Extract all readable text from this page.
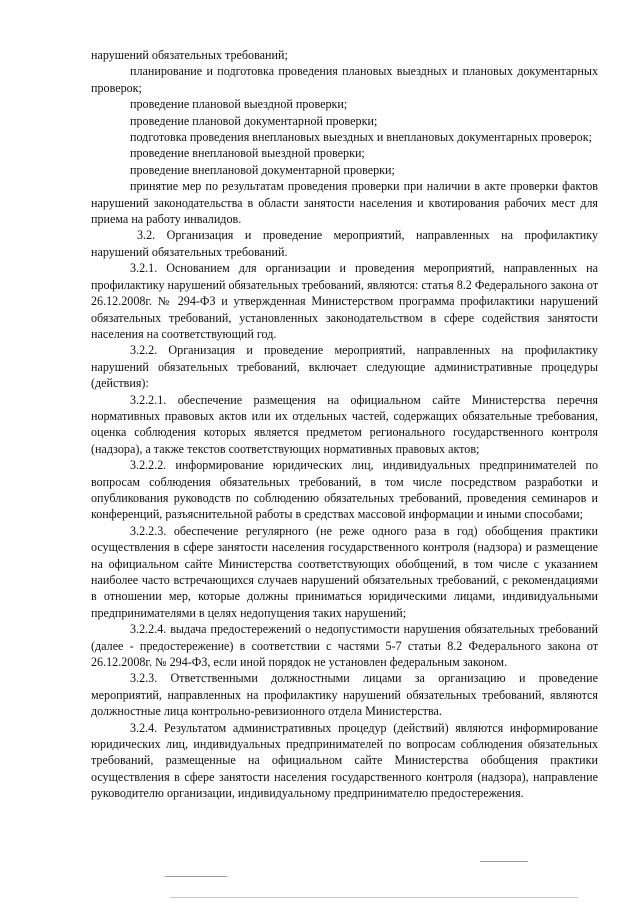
нарушений обязательных требований;

планирование и подготовка проведения плановых выездных и плановых документарных проверок;

проведение плановой выездной проверки;

проведение плановой документарной проверки;

подготовка проведения внеплановых выездных и внеплановых документарных проверок;

проведение внеплановой выездной проверки;

проведение внеплановой документарной проверки;

принятие мер по результатам проведения проверки при наличии в акте проверки фактов нарушений законодательства в области занятости населения и квотирования рабочих мест для приема на работу инвалидов.

3.2. Организация и проведение мероприятий, направленных на профилактику нарушений обязательных требований.

3.2.1. Основанием для организации и проведения мероприятий, направленных на профилактику нарушений обязательных требований, являются: статья 8.2 Федерального закона от 26.12.2008г. № 294-ФЗ и утвержденная Министерством программа профилактики нарушений обязательных требований, установленных законодательством в сфере содействия занятости населения на соответствующий год.

3.2.2. Организация и проведение мероприятий, направленных на профилактику нарушений обязательных требований, включает следующие административные процедуры (действия):

3.2.2.1. обеспечение размещения на официальном сайте Министерства перечня нормативных правовых актов или их отдельных частей, содержащих обязательные требования, оценка соблюдения которых является предметом регионального государственного контроля (надзора), а также текстов соответствующих нормативных правовых актов;

3.2.2.2. информирование юридических лиц, индивидуальных предпринимателей по вопросам соблюдения обязательных требований, в том числе посредством разработки и опубликования руководств по соблюдению обязательных требований, проведения семинаров и конференций, разъяснительной работы в средствах массовой информации и иными способами;

3.2.2.3. обеспечение регулярного (не реже одного раза в год) обобщения практики осуществления в сфере занятости населения государственного контроля (надзора) и размещение на официальном сайте Министерства соответствующих обобщений, в том числе с указанием наиболее часто встречающихся случаев нарушений обязательных требований, с рекомендациями в отношении мер, которые должны приниматься юридическими лицами, индивидуальными предпринимателями в целях недопущения таких нарушений;

3.2.2.4. выдача предостережений о недопустимости нарушения обязательных требований (далее - предостережение) в соответствии с частями 5-7 статьи 8.2 Федерального закона от 26.12.2008г. № 294-ФЗ, если иной порядок не установлен федеральным законом.

3.2.3. Ответственными должностными лицами за организацию и проведение мероприятий, направленных на профилактику нарушений обязательных требований, являются должностные лица контрольно-ревизионного отдела Министерства.

3.2.4. Результатом административных процедур (действий) являются информирование юридических лиц, индивидуальных предпринимателей по вопросам соблюдения обязательных требований, размещенные на официальном сайте Министерства обобщения практики осуществления в сфере занятости населения государственного контроля (надзора), направление руководителю организации, индивидуальному предпринимателю предостережения.
